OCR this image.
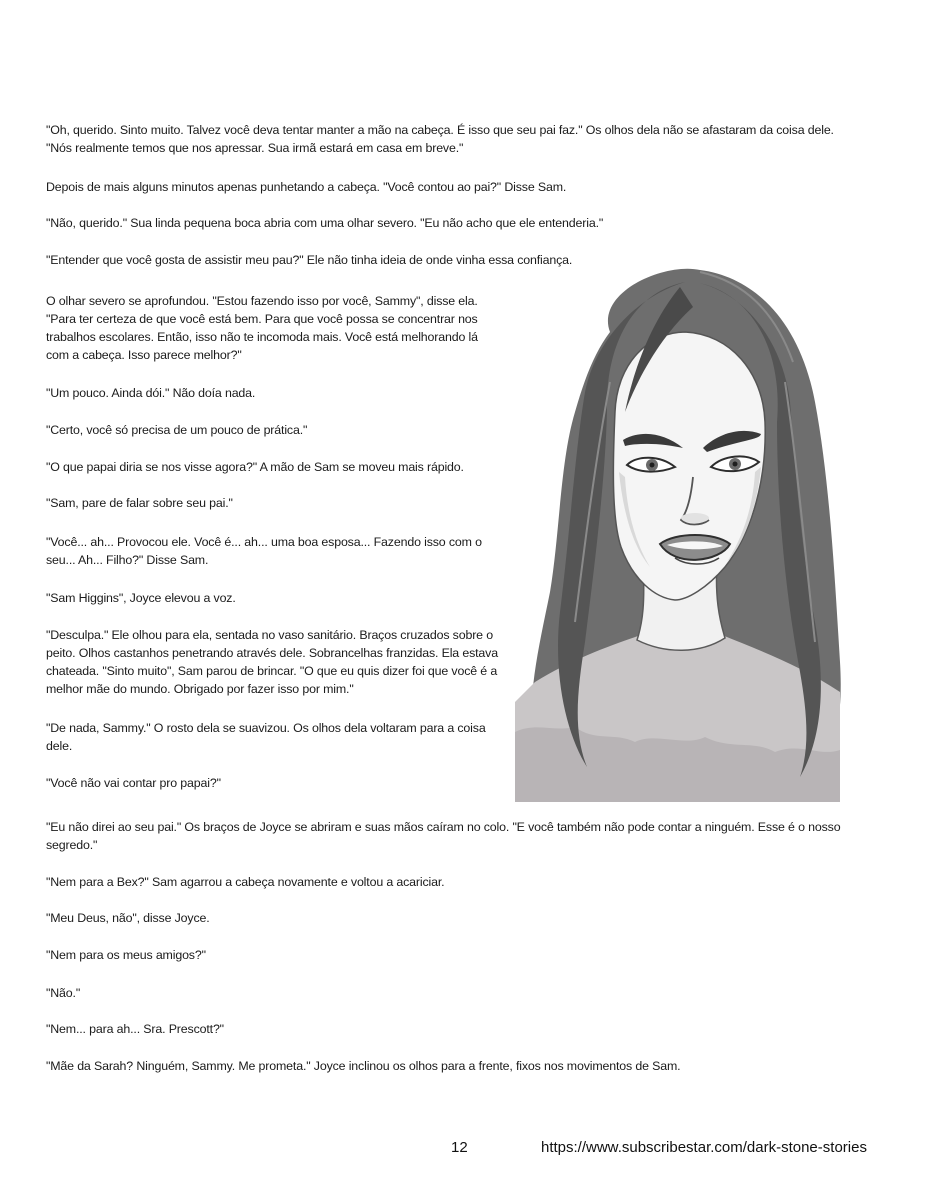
"Oh, querido. Sinto muito. Talvez você deva tentar manter a mão na cabeça. É isso que seu pai faz." Os olhos dela não se afastaram da coisa dele. "Nós realmente temos que nos apressar. Sua irmã estará em casa em breve."

Depois de mais alguns minutos apenas punhetando a cabeça. "Você contou ao pai?" Disse Sam.

"Não, querido." Sua linda pequena boca abria com uma olhar severo. "Eu não acho que ele entenderia."

"Entender que você gosta de assistir meu pau?" Ele não tinha ideia de onde vinha essa confiança.

O olhar severo se aprofundou. "Estou fazendo isso por você, Sammy", disse ela. "Para ter certeza de que você está bem. Para que você possa se concentrar nos trabalhos escolares. Então, isso não te incomoda mais. Você está melhorando lá com a cabeça. Isso parece melhor?"

"Um pouco. Ainda dói." Não doía nada.

"Certo, você só precisa de um pouco de prática."

"O que papai diria se nos visse agora?" A mão de Sam se moveu mais rápido.

"Sam, pare de falar sobre seu pai."

"Você... ah... Provocou ele. Você é... ah... uma boa esposa... Fazendo isso com o seu... Ah... Filho?" Disse Sam.

"Sam Higgins", Joyce elevou a voz.

"Desculpa." Ele olhou para ela, sentada no vaso sanitário. Braços cruzados sobre o peito. Olhos castanhos penetrando através dele. Sobrancelhas franzidas. Ela estava chateada. "Sinto muito", Sam parou de brincar. "O que eu quis dizer foi que você é a melhor mãe do mundo. Obrigado por fazer isso por mim."

"De nada, Sammy." O rosto dela se suavizou. Os olhos dela voltaram para a coisa dele.

"Você não vai contar pro papai?"

"Eu não direi ao seu pai." Os braços de Joyce se abriram e suas mãos caíram no colo. "E você também não pode contar a ninguém. Esse é o nosso segredo."

"Nem para a Bex?" Sam agarrou a cabeça novamente e voltou a acariciar.

"Meu Deus, não", disse Joyce.

"Nem para os meus amigos?"

"Não."

"Nem... para ah... Sra. Prescott?"

"Mãe da Sarah? Ninguém, Sammy. Me prometa." Joyce inclinou os olhos para a frente, fixos nos movimentos de Sam.

12	https://www.subscribestar.com/dark-stone-stories
